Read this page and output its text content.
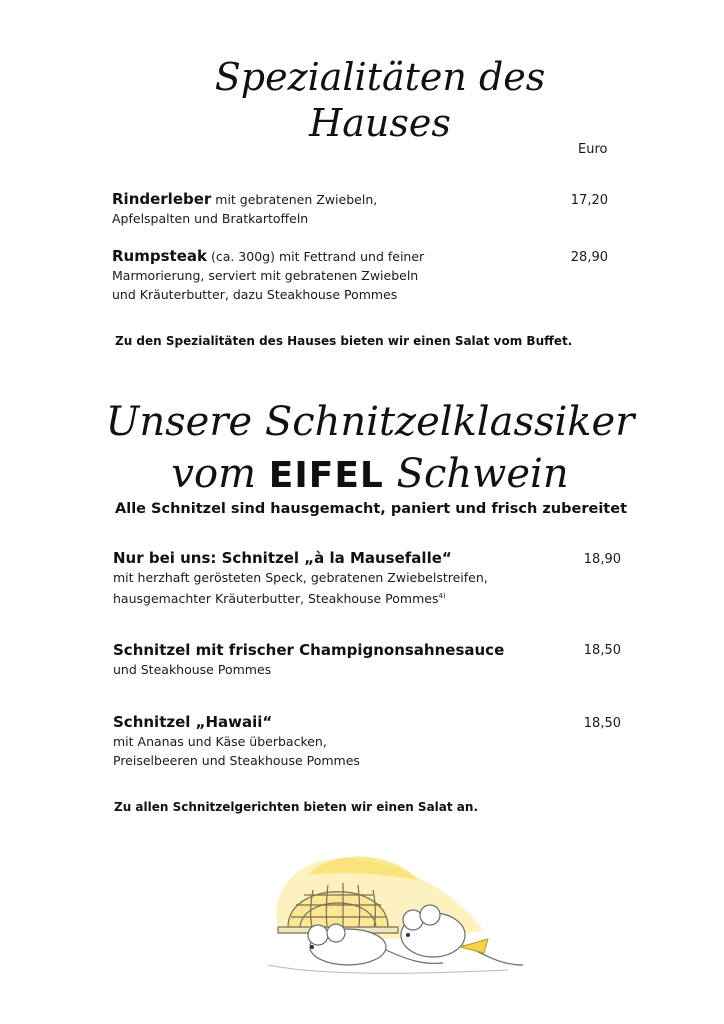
Spezialitäten des
Hauses
Euro
Rinderleber mit gebratenen Zwiebeln,
Apfelspalten und Bratkartoffeln
17,20
Rumpsteak (ca. 300g) mit Fettrand und feiner
Marmorierung, serviert mit gebratenen Zwiebeln
und Kräuterbutter, dazu Steakhouse Pommes
28,90
Zu den Spezialitäten des Hauses bieten wir einen Salat vom Buffet.
Unsere Schnitzelklassiker
vom EIFEL Schwein
Alle Schnitzel sind hausgemacht, paniert und frisch zubereitet
Nur bei uns: Schnitzel „à la Mausefalle“
mit herzhaft gerösteten Speck, gebratenen Zwiebelstreifen,
hausgemachter Kräuterbutter, Steakhouse Pommes$^{4)}$
18,90
Schnitzel mit frischer Champignonsahnesauce
und Steakhouse Pommes
18,50
Schnitzel „Hawaii“
mit Ananas und Käse überbacken,
Preiselbeeren und Steakhouse Pommes
18,50
Zu allen Schnitzelgerichten bieten wir einen Salat an.
